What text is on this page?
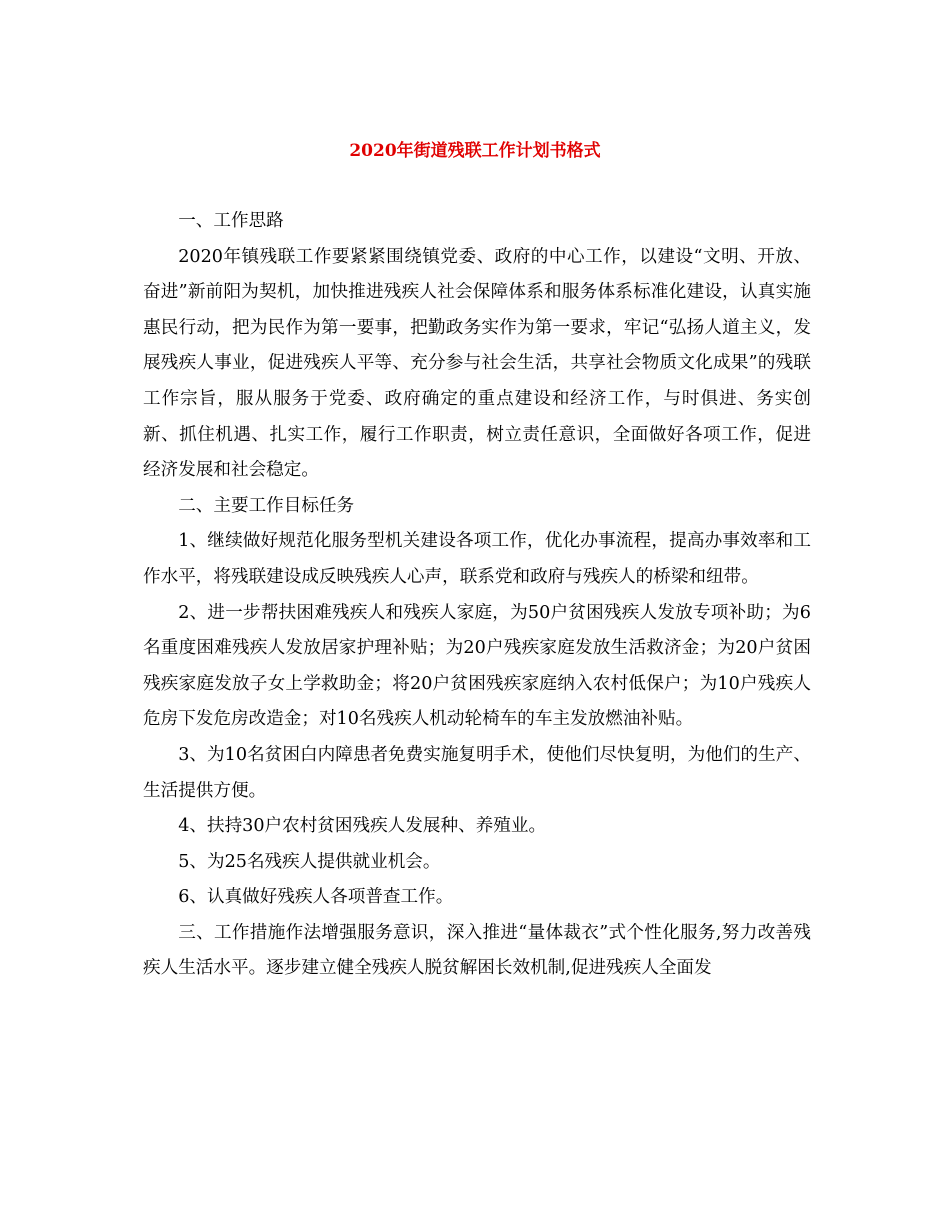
2020年街道残联工作计划书格式

一、工作思路

2020年镇残联工作要紧紧围绕镇党委、政府的中心工作，以建设“文明、开放、奋进”新前阳为契机，加快推进残疾人社会保障体系和服务体系标准化建设，认真实施惠民行动，把为民作为第一要事，把勤政务实作为第一要求，牢记“弘扬人道主义，发展残疾人事业，促进残疾人平等、充分参与社会生活，共享社会物质文化成果”的残联工作宗旨，服从服务于党委、政府确定的重点建设和经济工作，与时俱进、务实创新、抓住机遇、扎实工作，履行工作职责，树立责任意识，全面做好各项工作，促进经济发展和社会稳定。

二、主要工作目标任务

1、继续做好规范化服务型机关建设各项工作，优化办事流程，提高办事效率和工作水平，将残联建设成反映残疾人心声，联系党和政府与残疾人的桥梁和纽带。

2、进一步帮扶困难残疾人和残疾人家庭，为50户贫困残疾人发放专项补助；为6名重度困难残疾人发放居家护理补贴；为20户残疾家庭发放生活救济金；为20户贫困残疾家庭发放子女上学救助金；将20户贫困残疾家庭纳入农村低保户；为10户残疾人危房下发危房改造金；对10名残疾人机动轮椅车的车主发放燃油补贴。

3、为10名贫困白内障患者免费实施复明手术，使他们尽快复明，为他们的生产、生活提供方便。

4、扶持30户农村贫困残疾人发展种、养殖业。

5、为25名残疾人提供就业机会。

6、认真做好残疾人各项普查工作。

三、工作措施作法增强服务意识，深入推进“量体裁衣”式个性化服务,努力改善残疾人生活水平。逐步建立健全残疾人脱贫解困长效机制,促进残疾人全面发
